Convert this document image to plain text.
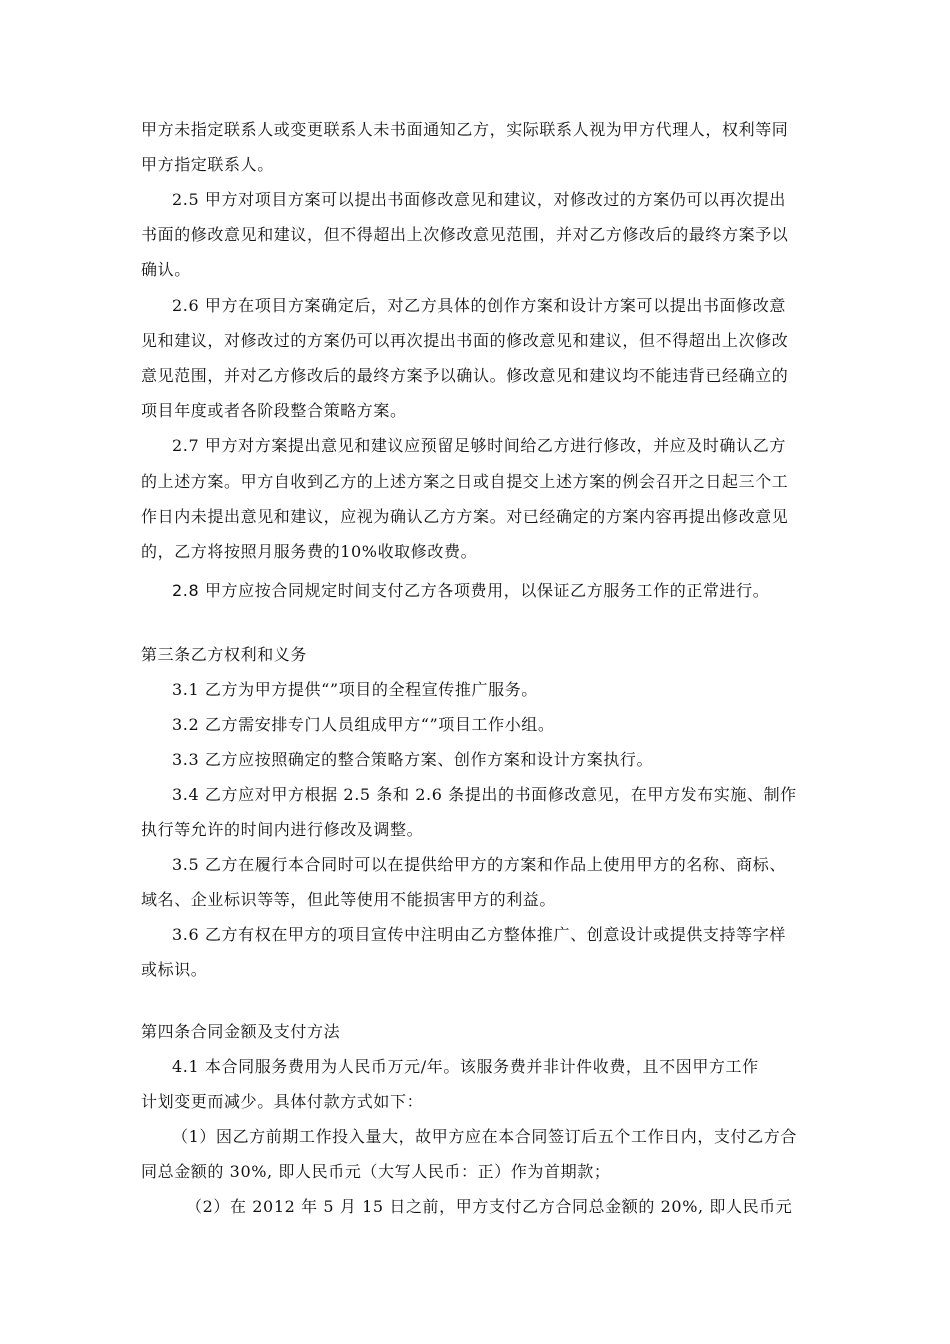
甲方未指定联系人或变更联系人未书面通知乙方，实际联系人视为甲方代理人，权利等同
甲方指定联系人。
2.5 甲方对项目方案可以提出书面修改意见和建议，对修改过的方案仍可以再次提出
书面的修改意见和建议，但不得超出上次修改意见范围，并对乙方修改后的最终方案予以
确认。
2.6 甲方在项目方案确定后，对乙方具体的创作方案和设计方案可以提出书面修改意
见和建议，对修改过的方案仍可以再次提出书面的修改意见和建议，但不得超出上次修改
意见范围，并对乙方修改后的最终方案予以确认。修改意见和建议均不能违背已经确立的
项目年度或者各阶段整合策略方案。
2.7 甲方对方案提出意见和建议应预留足够时间给乙方进行修改，并应及时确认乙方
的上述方案。甲方自收到乙方的上述方案之日或自提交上述方案的例会召开之日起三个工
作日内未提出意见和建议，应视为确认乙方方案。对已经确定的方案内容再提出修改意见
的，乙方将按照月服务费的10%收取修改费。
2.8 甲方应按合同规定时间支付乙方各项费用，以保证乙方服务工作的正常进行。
第三条乙方权利和义务
3.1 乙方为甲方提供“”项目的全程宣传推广服务。
3.2 乙方需安排专门人员组成甲方“”项目工作小组。
3.3 乙方应按照确定的整合策略方案、创作方案和设计方案执行。
3.4 乙方应对甲方根据 2.5 条和 2.6 条提出的书面修改意见，在甲方发布实施、制作
执行等允许的时间内进行修改及调整。
3.5 乙方在履行本合同时可以在提供给甲方的方案和作品上使用甲方的名称、商标、
域名、企业标识等等，但此等使用不能损害甲方的利益。
3.6 乙方有权在甲方的项目宣传中注明由乙方整体推广、创意设计或提供支持等字样
或标识。
第四条合同金额及支付方法
4.1 本合同服务费用为人民币万元/年。该服务费并非计件收费，且不因甲方工作
计划变更而减少。具体付款方式如下：
（1）因乙方前期工作投入量大，故甲方应在本合同签订后五个工作日内，支付乙方合
同总金额的 30%, 即人民币元（大写人民币：正）作为首期款；
（2）在 2012 年 5 月 15 日之前，甲方支付乙方合同总金额的 20%, 即人民币元
